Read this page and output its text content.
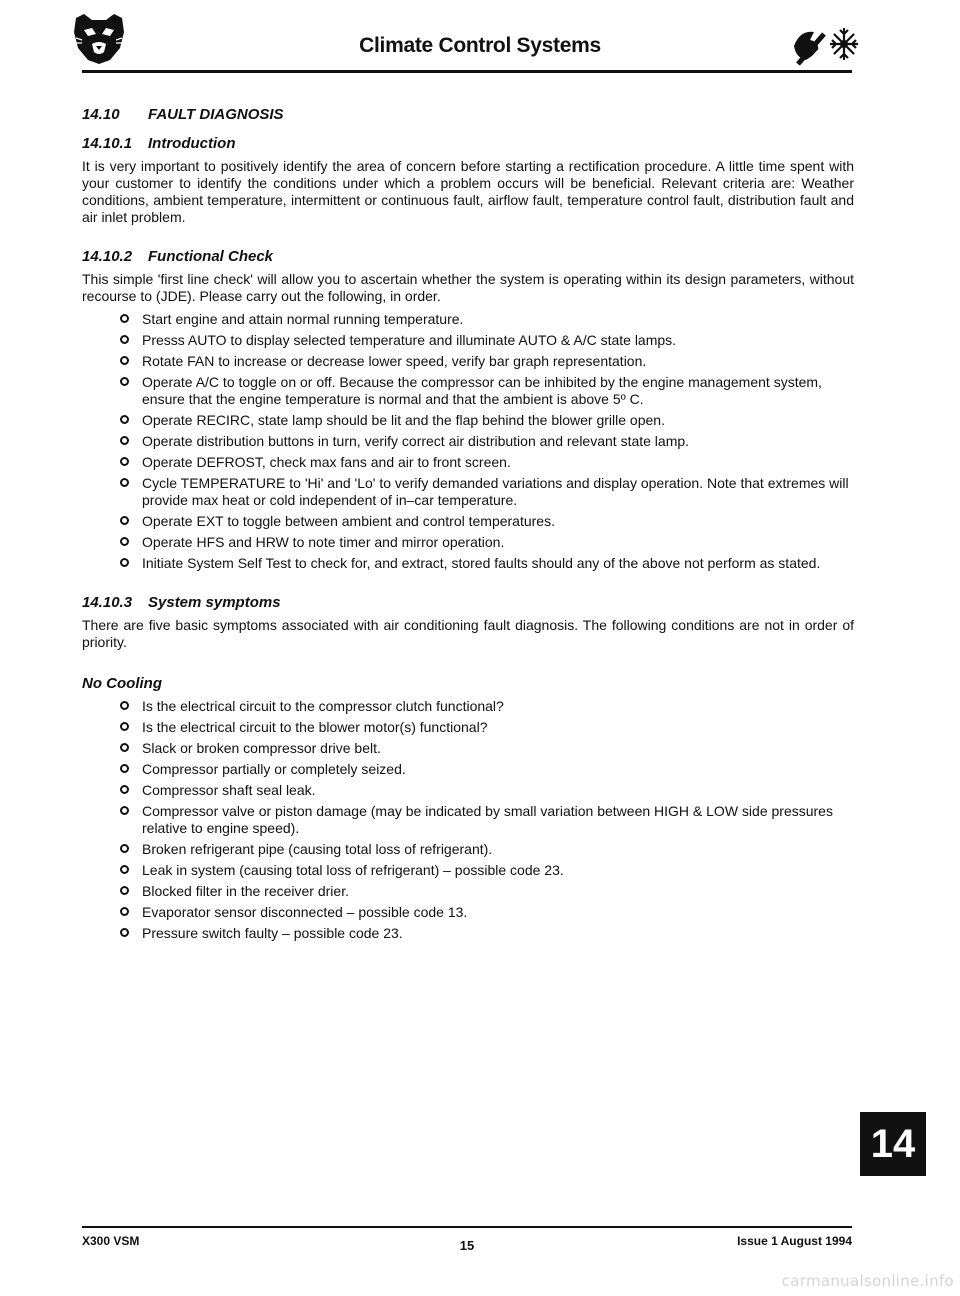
Climate Control Systems
14.10 FAULT DIAGNOSIS
14.10.1 Introduction

It is very important to positively identify the area of concern before starting a rectification procedure. A little time spent with your customer to identify the conditions under which a problem occurs will be beneficial. Relevant criteria are: Weather conditions, ambient temperature, intermittent or continuous fault, airflow fault, temperature control fault, distribution fault and air inlet problem.

14.10.2 Functional Check

This simple 'first line check' will allow you to ascertain whether the system is operating within its design parameters, without recourse to (JDE). Please carry out the following, in order.

Start engine and attain normal running temperature.
Presss AUTO to display selected temperature and illuminate AUTO & A/C state lamps.
Rotate FAN to increase or decrease lower speed, verify bar graph representation.
Operate A/C to toggle on or off. Because the compressor can be inhibited by the engine management system, ensure that the engine temperature is normal and that the ambient is above 5º C.
Operate RECIRC, state lamp should be lit and the flap behind the blower grille open.
Operate distribution buttons in turn, verify correct air distribution and relevant state lamp.
Operate DEFROST, check max fans and air to front screen.
Cycle TEMPERATURE to 'Hi' and 'Lo' to verify demanded variations and display operation. Note that extremes will provide max heat or cold independent of in–car temperature.
Operate EXT to toggle between ambient and control temperatures.
Operate HFS and HRW to note timer and mirror operation.
Initiate System Self Test to check for, and extract, stored faults should any of the above not perform as stated.
14.10.3 System symptoms

There are five basic symptoms associated with air conditioning fault diagnosis. The following conditions are not in order of priority.

No Cooling
Is the electrical circuit to the compressor clutch functional?
Is the electrical circuit to the blower motor(s) functional?
Slack or broken compressor drive belt.
Compressor partially or completely seized.
Compressor shaft seal leak.
Compressor valve or piston damage (may be indicated by small variation between HIGH & LOW side pressures relative to engine speed).
Broken refrigerant pipe (causing total loss of refrigerant).
Leak in system (causing total loss of refrigerant) – possible code 23.
Blocked filter in the receiver drier.
Evaporator sensor disconnected – possible code 13.
Pressure switch faulty – possible code 23.
14
X300 VSM	15	Issue 1 August 1994
carmanualsonline.info
